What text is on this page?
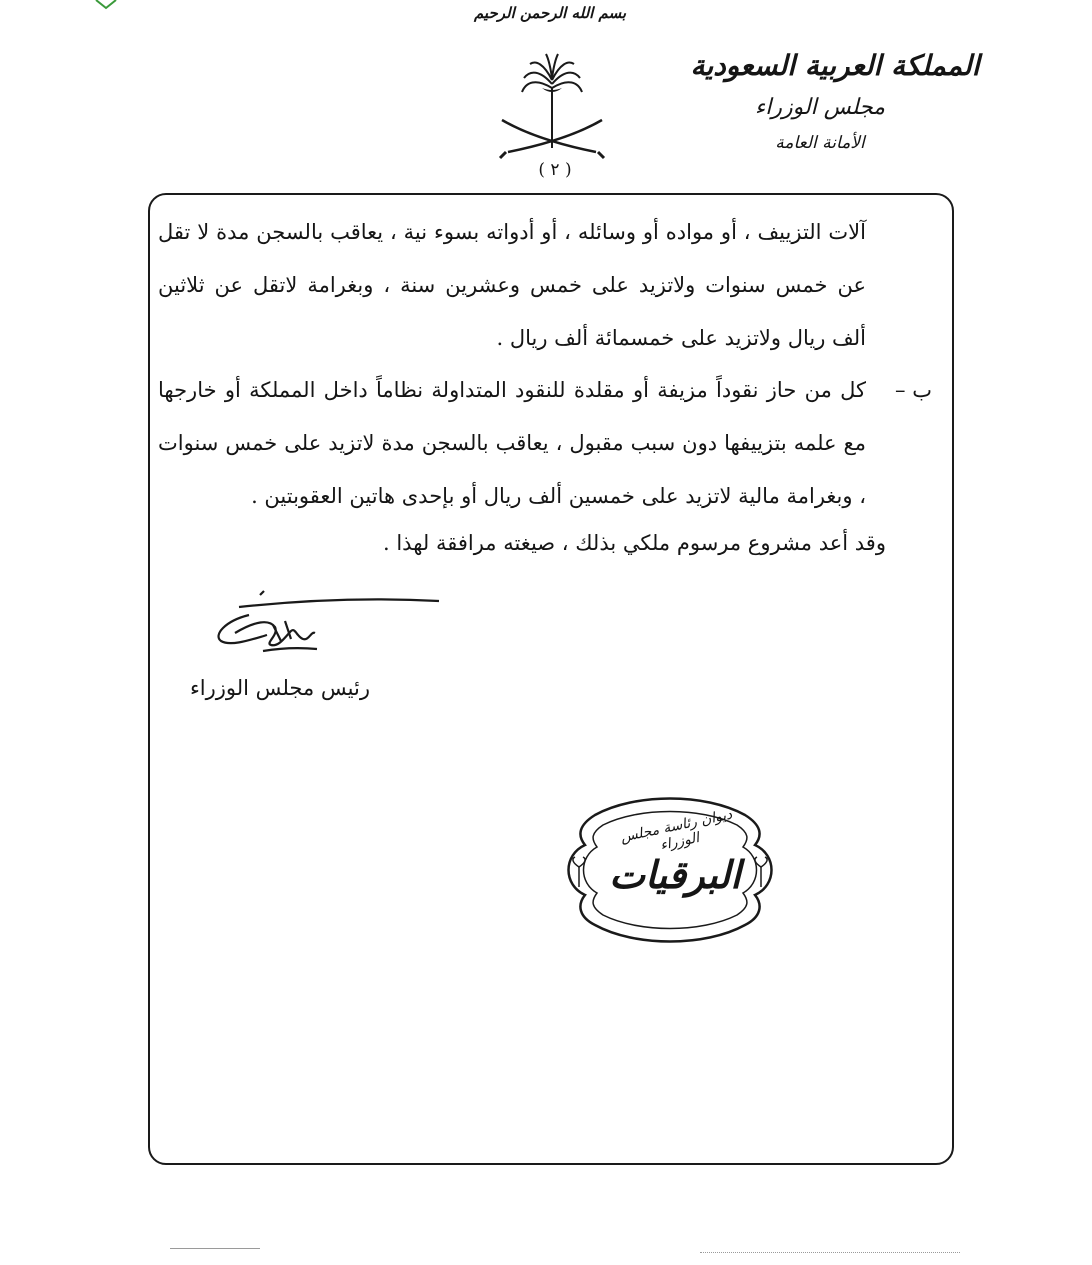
بسم الله الرحمن الرحيم
( ٢ )
المملكة العربية السعودية
مجلس الوزراء
الأمانة العامة
آلات التزييف ، أو مواده أو وسائله ، أو أدواته بسوء نية ، يعاقب بالسجن مدة لا تقل عن خمس سنوات ولاتزيد على خمس وعشرين سنة ، وبغرامة لاتقل عن ثلاثين ألف ريال ولاتزيد على خمسمائة ألف ريال .
ب –
كل من حاز نقوداً مزيفة أو مقلدة للنقود المتداولة نظاماً داخل المملكة أو خارجها مع علمه بتزييفها دون سبب مقبول ، يعاقب بالسجن مدة لاتزيد على خمس سنوات ، وبغرامة مالية لاتزيد على خمسين ألف ريال أو بإحدى هاتين العقوبتين .
وقد أعد مشروع مرسوم ملكي بذلك ، صيغته مرافقة لهذا .
رئيس مجلس الوزراء
ديوان رئاسة مجلس الوزراء
البرقيات
